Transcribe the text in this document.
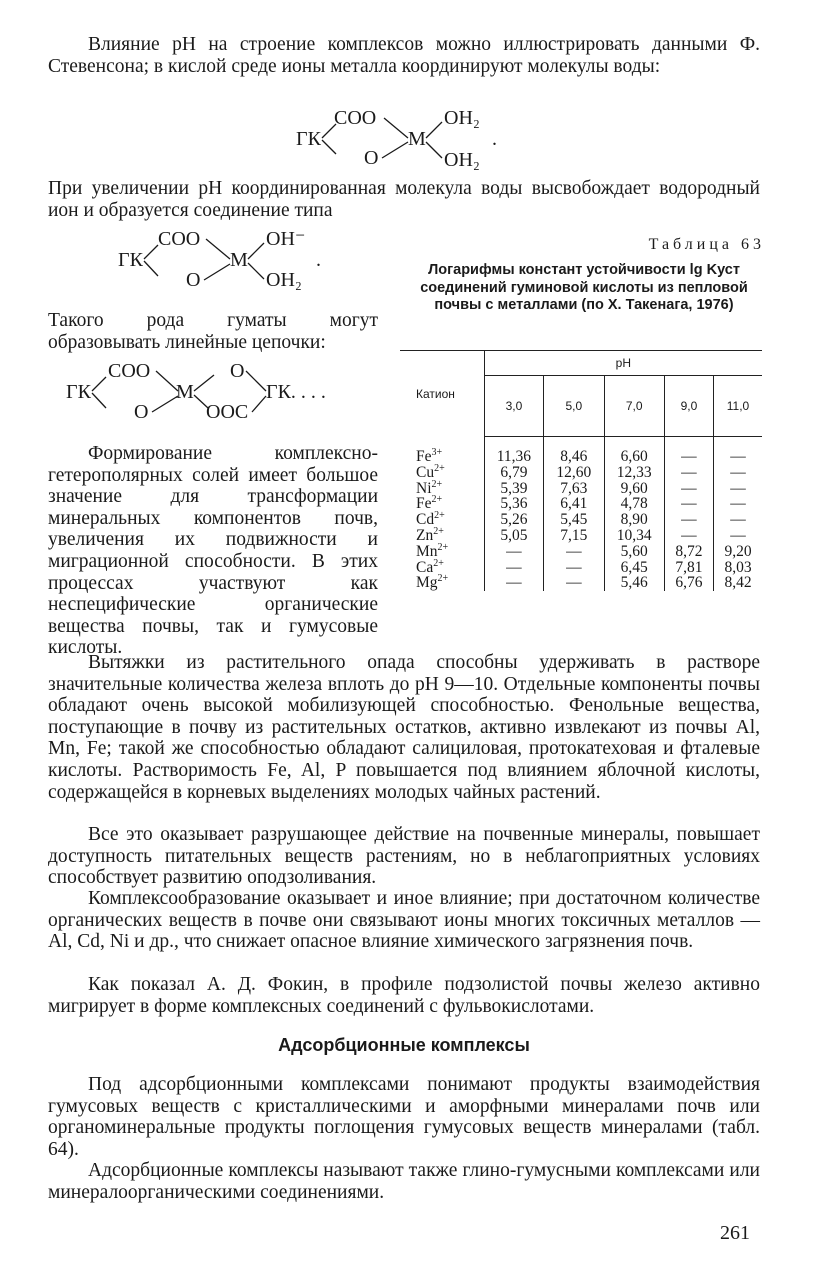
Влияние pH на строение комплексов можно иллюстрировать данными Ф. Стевенсона; в кислой среде ионы металла координируют молекулы воды:

ГК
COO
O
M
OH₂
OH₂
.

При увеличении pH координированная молекула воды высвобождает водородный ион и образуется соединение типа

ГК
COO
O
M
OH⁻
OH₂
.

Такого рода гуматы могут образовывать линейные цепочки:

ГК
COO
O
M
O
OOC
ГК. . . .

Формирование комплексно-гетерополярных солей имеет большое значение для трансформации минеральных компонентов почв, увеличения их подвижности и миграционной способности. В этих процессах участвуют как неспецифические органические вещества почвы, так и гумусовые кислоты.

Таблица 63
Логарифмы констант устойчивости lg Kуст соединений гуминовой кислоты из пепловой почвы с металлами (по X. Такенага, 1976)
Катион	pH				
	3,0	5,0	7,0	9,0	11,0
$Fe^{3+}$	11,36	8,46	6,60	—	—
$Cu^{2+}$	6,79	12,60	12,33	—	—
$Ni^{2+}$	5,39	7,63	9,60	—	—
$Fe^{2+}$	5,36	6,41	4,78	—	—
$Cd^{2+}$	5,26	5,45	8,90	—	—
$Zn^{2+}$	5,05	7,15	10,34	—	—
$Mn^{2+}$	—	—	5,60	8,72	9,20
$Ca^{2+}$	—	—	6,45	7,81	8,03
$Mg^{2+}$	—	—	5,46	6,76	8,42

Вытяжки из растительного опада способны удерживать в растворе значительные количества железа вплоть до pH 9—10. Отдельные компоненты почвы обладают очень высокой мобилизующей способностью. Фенольные вещества, поступающие в почву из растительных остатков, активно извлекают из почвы Al, Mn, Fe; такой же способностью обладают салициловая, протокатеховая и фталевые кислоты. Растворимость Fe, Al, P повышается под влиянием яблочной кислоты, содержащейся в корневых выделениях молодых чайных растений.

Все это оказывает разрушающее действие на почвенные минералы, повышает доступность питательных веществ растениям, но в неблагоприятных условиях способствует развитию оподзоливания.

Комплексообразование оказывает и иное влияние; при достаточном количестве органических веществ в почве они связывают ионы многих токсичных металлов — Al, Cd, Ni и др., что снижает опасное влияние химического загрязнения почв.

Как показал А. Д. Фокин, в профиле подзолистой почвы железо активно мигрирует в форме комплексных соединений с фульвокислотами.

Адсорбционные комплексы

Под адсорбционными комплексами понимают продукты взаимодействия гумусовых веществ с кристаллическими и аморфными минералами почв или органоминеральные продукты поглощения гумусовых веществ минералами (табл. 64).

Адсорбционные комплексы называют также глино-гумусными комплексами или минералоорганическими соединениями.

261
